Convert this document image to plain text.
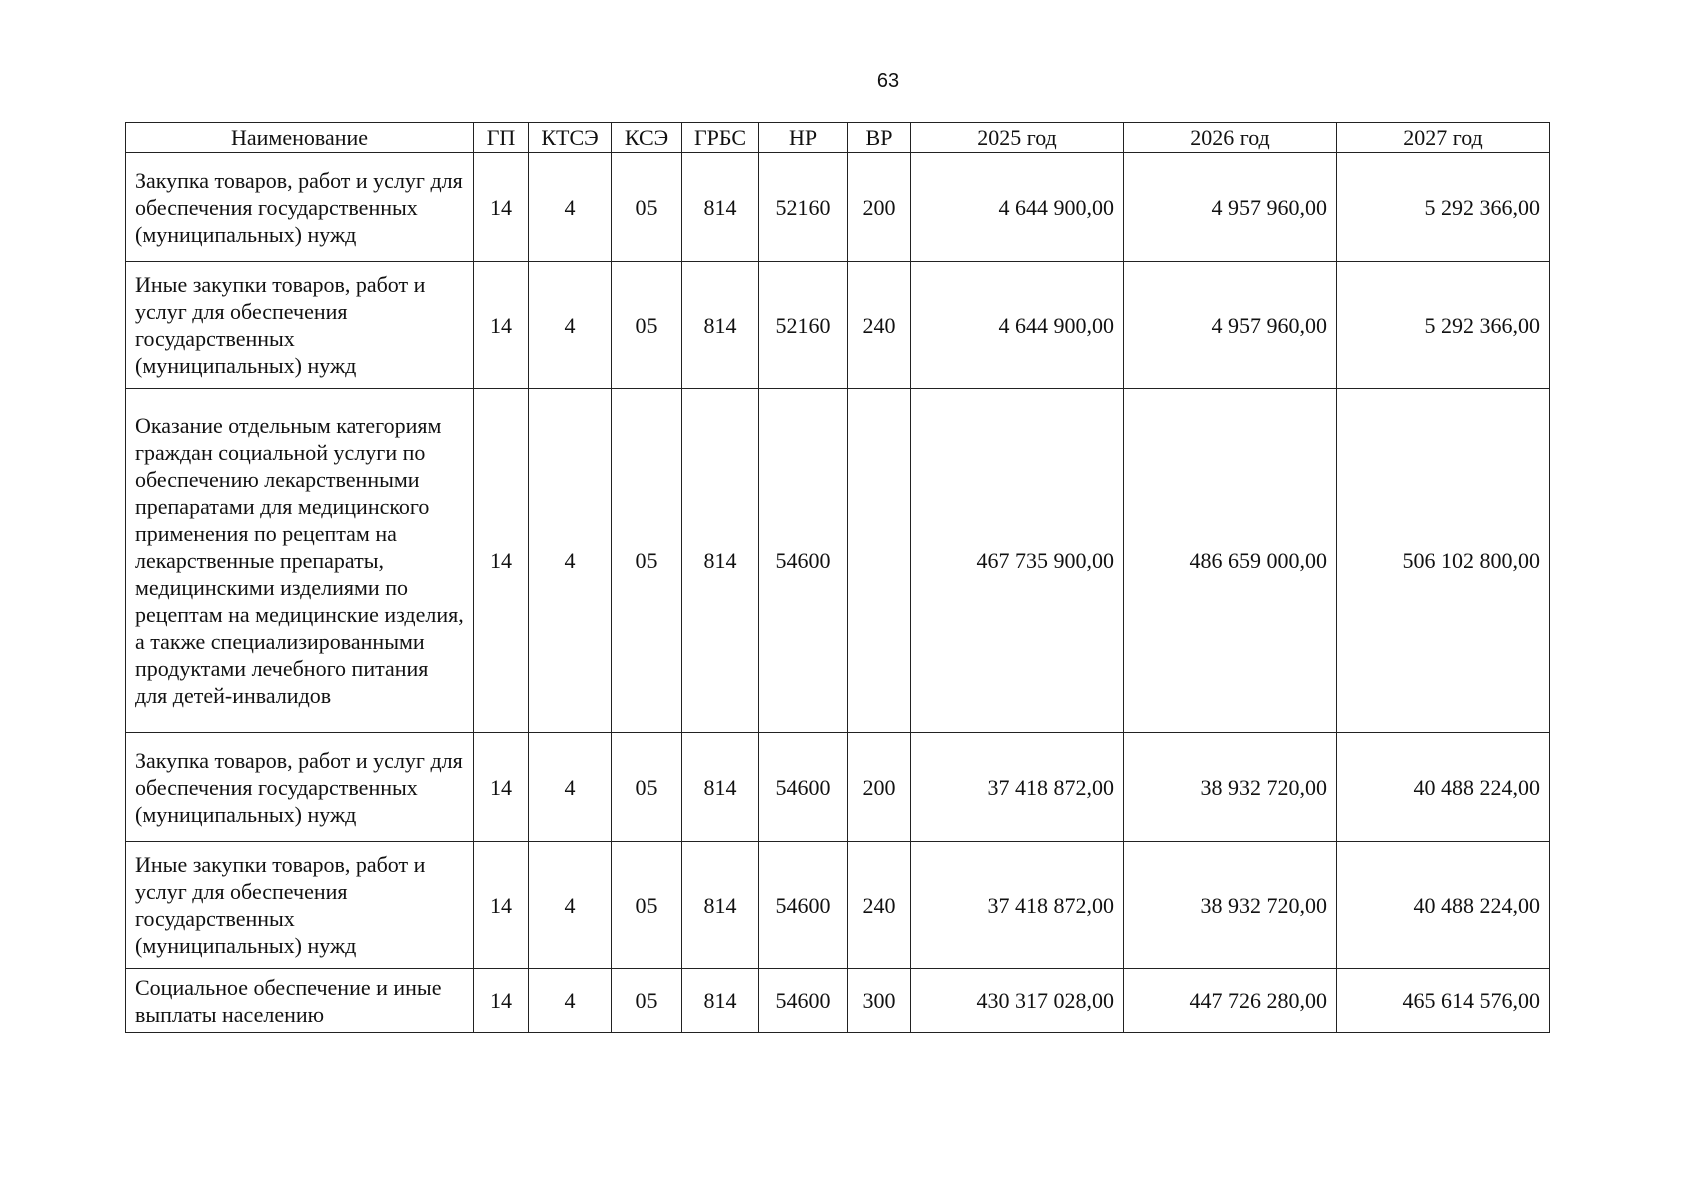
63
Наименование	ГП	КТСЭ	КСЭ	ГРБС	НР	ВР	2025 год	2026 год	2027 год
Закупка товаров, работ и услуг для обеспечения государственных (муниципальных) нужд	14	4	05	814	52160	200	4 644 900,00	4 957 960,00	5 292 366,00
Иные закупки товаров, работ и услуг для обеспечения государственных (муниципальных) нужд	14	4	05	814	52160	240	4 644 900,00	4 957 960,00	5 292 366,00
Оказание отдельным категориям граждан социальной услуги по обеспечению лекарственными препаратами для медицинского применения по рецептам на лекарственные препараты, медицинскими изделиями по рецептам на медицинские изделия, а также специализированными продуктами лечебного питания для детей-инвалидов	14	4	05	814	54600		467 735 900,00	486 659 000,00	506 102 800,00
Закупка товаров, работ и услуг для обеспечения государственных (муниципальных) нужд	14	4	05	814	54600	200	37 418 872,00	38 932 720,00	40 488 224,00
Иные закупки товаров, работ и услуг для обеспечения государственных (муниципальных) нужд	14	4	05	814	54600	240	37 418 872,00	38 932 720,00	40 488 224,00
Социальное обеспечение и иные выплаты населению	14	4	05	814	54600	300	430 317 028,00	447 726 280,00	465 614 576,00
